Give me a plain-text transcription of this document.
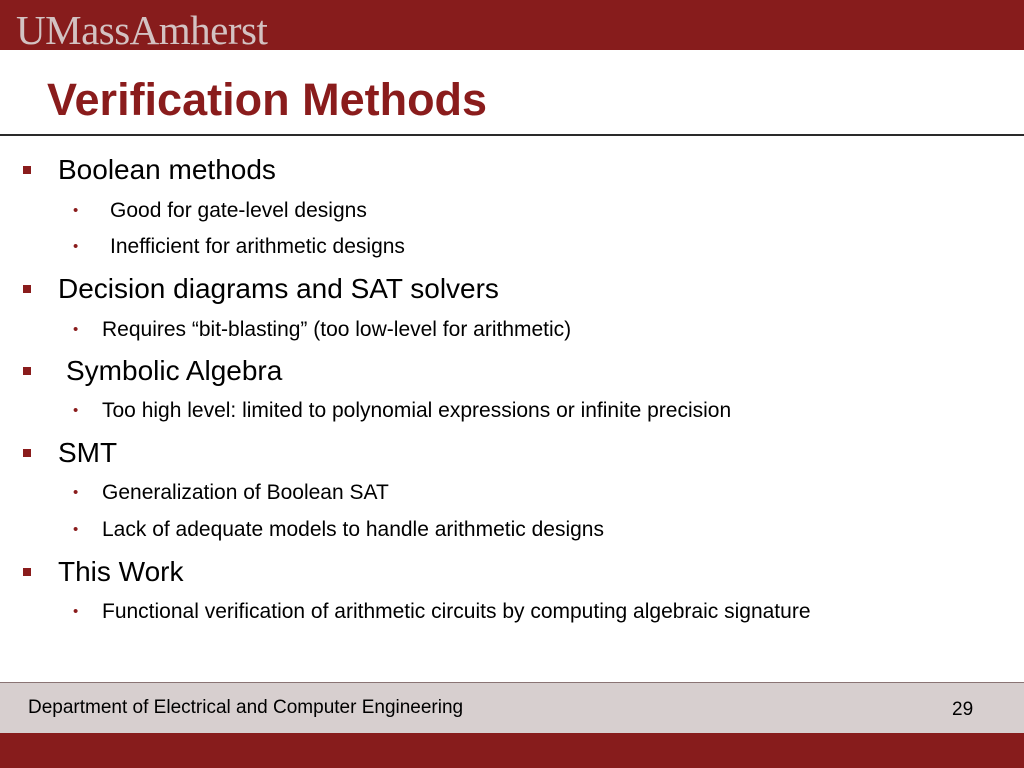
UMassAmherst
Verification Methods
Boolean methods
• Good for gate-level designs
• Inefficient for arithmetic designs
Decision diagrams and SAT solvers
• Requires “bit-blasting” (too low-level for arithmetic)
Symbolic Algebra
• Too high level: limited to polynomial expressions or infinite precision
SMT
• Generalization of Boolean SAT
• Lack of adequate models to handle arithmetic designs
This Work
• Functional verification of arithmetic circuits by computing algebraic signature
Department of Electrical and Computer Engineering	29
